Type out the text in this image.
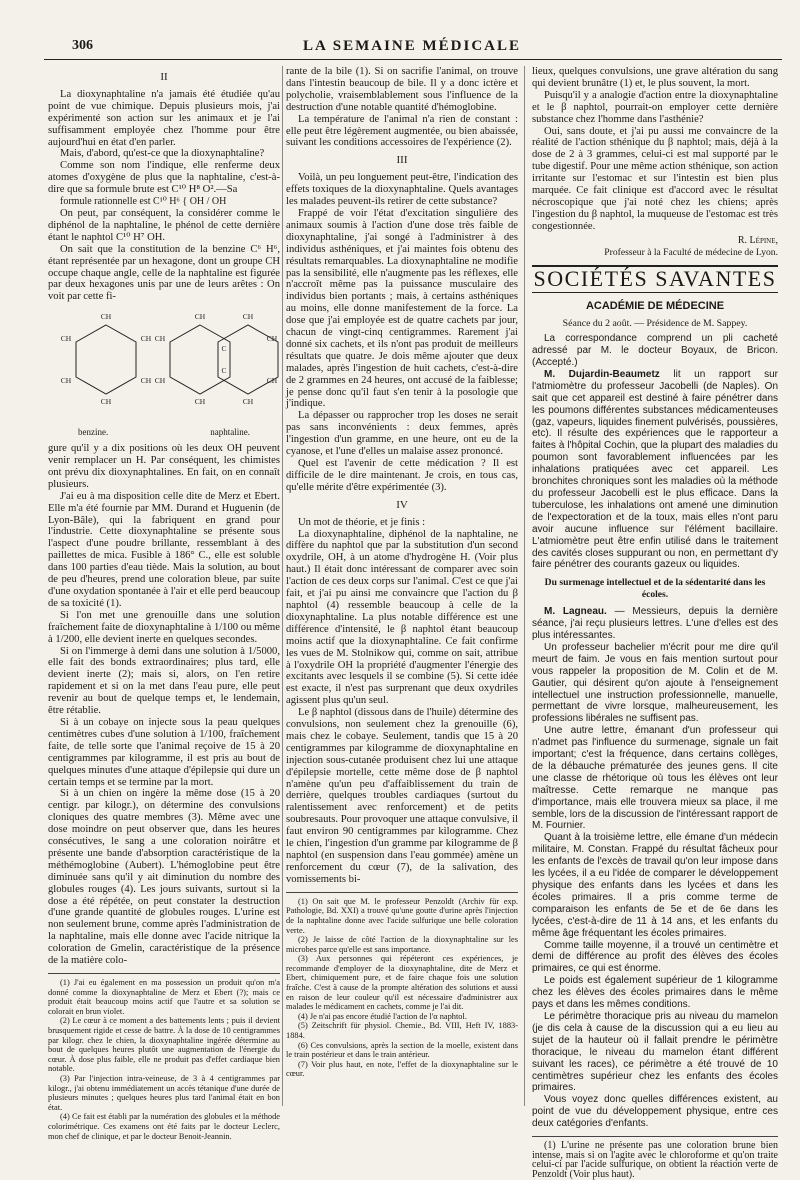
306	LA SEMAINE MÉDICALE
II

La dioxynaphtaline n'a jamais été étudiée qu'au point de vue chimique. Depuis plusieurs mois, j'ai expérimenté son action sur les animaux et je l'ai suffisamment employée chez l'homme pour être aujourd'hui en état d'en parler.

Mais, d'abord, qu'est-ce que la dioxynaphtaline?

Comme son nom l'indique, elle renferme deux atomes d'oxygène de plus que la naphtaline, c'est-à-dire que sa formule brute est C¹⁰ H⁸ O².—Sa

formule rationnelle est C¹⁰ H⁶ { OH / OH

On peut, par conséquent, la considérer comme le diphénol de la naphtaline, le phénol de cette dernière étant le naphtol C¹⁰ H⁷ OH.

On sait que la constitution de la benzine C⁶ H⁶, étant représentée par un hexagone, dont un groupe CH occupe chaque angle, celle de la naphtaline est figurée par deux hexagones unis par une de leurs arêtes : On voit par cette fi-

CH
CH
CH
CH
CH
CH
CH
CH
CH
CH
C
C
CH
CH
CH
CH
benzine.	naphtaline.

gure qu'il y a dix positions où les deux OH peuvent venir remplacer un H. Par conséquent, les chimistes ont prévu dix dioxynaphtalines. En fait, on en connaît plusieurs.

J'ai eu à ma disposition celle dite de Merz et Ebert. Elle m'a été fournie par MM. Durand et Huguenin (de Lyon-Bâle), qui la fabriquent en grand pour l'industrie. Cette dioxynaphtaline se présente sous l'aspect d'une poudre brillante, ressemblant à des paillettes de mica. Fusible à 186° C., elle est soluble dans 100 parties d'eau tiède. Mais la solution, au bout de peu d'heures, prend une coloration bleue, par suite d'une oxydation spontanée à l'air et elle perd beaucoup de sa toxicité (1).

Si l'on met une grenouille dans une solution fraîchement faite de dioxynaphtaline à 1/100 ou même à 1/200, elle devient inerte en quelques secondes.

Si on l'immerge à demi dans une solution à 1/5000, elle fait des bonds extraordinaires; plus tard, elle devient inerte (2); mais si, alors, on l'en retire rapidement et si on la met dans l'eau pure, elle peut revenir au bout de quelque temps et, le lendemain, être rétablie.

Si à un cobaye on injecte sous la peau quelques centimètres cubes d'une solution à 1/100, fraîchement faite, de telle sorte que l'animal reçoive de 15 à 20 centigrammes par kilogramme, il est pris au bout de quelques minutes d'une attaque d'épilepsie qui dure un certain temps et se termine par la mort.

Si à un chien on ingère la même dose (15 à 20 centigr. par kilogr.), on détermine des convulsions cloniques des quatre membres (3). Même avec une dose moindre on peut observer que, dans les heures consécutives, le sang a une coloration noirâtre et présente une bande d'absorption caractéristique de la méthémoglobine (Aubert). L'hémoglobine peut être diminuée sans qu'il y ait diminution du nombre des globules rouges (4). Les jours suivants, surtout si la dose a été répétée, on peut constater la destruction d'une grande quantité de globules rouges. L'urine est non seulement brune, comme après l'administration de la naphtaline, mais elle donne avec l'acide nitrique la coloration de Gmelin, caractéristique de la présence de la matière colo-

(1) J'ai eu également en ma possession un produit qu'on m'a donné comme la dioxynaphtaline de Merz et Ebert (?); mais ce produit était beaucoup moins actif que l'autre et sa solution se colorait en brun violet.

(2) Le cœur à ce moment a des battements lents ; puis il devient brusquement rigide et cesse de battre. À la dose de 10 centigrammes par kilogr. chez le chien, la dioxynaphtaline ingérée détermine au bout de quelques heures plutôt une augmentation de l'énergie du cœur. À dose plus faible, elle ne produit pas d'effet cardiaque bien notable.

(3) Par l'injection intra-veineuse, de 3 à 4 centigrammes par kilogr., j'ai obtenu immédiatement un accès tétanique d'une durée de plusieurs minutes ; quelques heures plus tard l'animal était en bon état.

(4) Ce fait est établi par la numération des globules et la méthode colorimétrique. Ces examens ont été faits par le docteur Leclerc, mon chef de clinique, et par le docteur Benoit-Jeannin.

rante de la bile (1). Si on sacrifie l'animal, on trouve dans l'intestin beaucoup de bile. Il y a donc ictère et polycholie, vraisemblablement sous l'influence de la destruction d'une notable quantité d'hémoglobine.

La température de l'animal n'a rien de constant : elle peut être légèrement augmentée, ou bien abaissée, suivant les conditions accessoires de l'expérience (2).

III

Voilà, un peu longuement peut-être, l'indication des effets toxiques de la dioxynaphtaline. Quels avantages les malades peuvent-ils retirer de cette substance?

Frappé de voir l'état d'excitation singulière des animaux soumis à l'action d'une dose très faible de dioxynaphtaline, j'ai songé à l'administrer à des individus asthéniques, et j'ai maintes fois obtenu des résultats remarquables. La dioxynaphtaline ne modifie pas la sensibilité, elle n'augmente pas les réflexes, elle n'accroît même pas la puissance musculaire des individus bien portants ; mais, à certains asthéniques au moins, elle donne manifestement de la force. La dose que j'ai employée est de quatre cachets par jour, chacun de vingt-cinq centigrammes. Rarement j'ai donné six cachets, et ils n'ont pas produit de meilleurs résultats que quatre. Je dois même ajouter que deux malades, après l'ingestion de huit cachets, c'est-à-dire de 2 grammes en 24 heures, ont accusé de la faiblesse; je pense donc qu'il faut s'en tenir à la posologie que j'indique.

La dépasser ou rapprocher trop les doses ne serait pas sans inconvénients : deux femmes, après l'ingestion d'un gramme, en une heure, ont eu de la cyanose, et l'une d'elles un malaise assez prononcé.

Quel est l'avenir de cette médication ? Il est difficile de le dire maintenant. Je crois, en tous cas, qu'elle mérite d'être expérimentée (3).

IV

Un mot de théorie, et je finis :

La dioxynaphtaline, diphénol de la naphtaline, ne diffère du naphtol que par la substitution d'un second oxydrile, OH, à un atome d'hydrogène H. (Voir plus haut.) Il était donc intéressant de comparer avec soin l'action de ces deux corps sur l'animal. C'est ce que j'ai fait, et j'ai pu ainsi me convaincre que l'action du β naphtol (4) ressemble beaucoup à celle de la dioxynaphtaline. La plus notable différence est une différence d'intensité, le β naphtol étant beaucoup moins actif que la dioxynaphtaline. Ce fait confirme les vues de M. Stolnikow qui, comme on sait, attribue à l'oxydrile OH la propriété d'augmenter l'énergie des excitants avec lesquels il se combine (5). Si cette idée est exacte, il n'est pas surprenant que deux oxydriles agissent plus qu'un seul.

Le β naphtol (dissous dans de l'huile) détermine des convulsions, non seulement chez la grenouille (6), mais chez le cobaye. Seulement, tandis que 15 à 20 centigrammes par kilogramme de dioxynaphtaline en injection sous-cutanée produisent chez lui une attaque d'épilepsie mortelle, cette même dose de β naphtol n'amène qu'un peu d'affaiblissement du train de derrière, quelques troubles cardiaques (surtout du ralentissement avec renforcement) et de petits soubresauts. Pour provoquer une attaque convulsive, il faut environ 90 centigrammes par kilogramme. Chez le chien, l'ingestion d'un gramme par kilogramme de β naphtol (en suspension dans l'eau gommée) amène un renforcement du cœur (7), de la salivation, des vomissements bi-

(1) On sait que M. le professeur Penzoldt (Archiv für exp. Pathologie, Bd. XXI) a trouvé qu'une goutte d'urine après l'injection de la naphtaline donne avec l'acide sulfurique une belle coloration verte.

(2) Je laisse de côté l'action de la dioxynaphtaline sur les microbes parce qu'elle est sans importance.

(3) Aux personnes qui répéteront ces expériences, je recommande d'employer de la dioxynaphtaline, dite de Merz et Ebert, chimiquement pure, et de faire chaque fois une solution fraîche. C'est à cause de la prompte altération des solutions et aussi en raison de leur couleur qu'il est nécessaire d'administrer aux malades le médicament en cachets, comme je l'ai dit.

(4) Je n'ai pas encore étudié l'action de l'α naphtol.

(5) Zeitschrift für physiol. Chemie., Bd. VIII, Heft IV, 1883-1884.

(6) Ces convulsions, après la section de la moelle, existent dans le train postérieur et dans le train antérieur.

(7) Voir plus haut, en note, l'effet de la dioxynaphtaline sur le cœur.

lieux, quelques convulsions, une grave altération du sang qui devient brunâtre (1) et, le plus souvent, la mort.

Puisqu'il y a analogie d'action entre la dioxynaphtaline et le β naphtol, pourrait-on employer cette dernière substance chez l'homme dans l'asthénie?

Oui, sans doute, et j'ai pu aussi me convaincre de la réalité de l'action sthénique du β naphtol; mais, déjà à la dose de 2 à 3 grammes, celui-ci est mal supporté par le tube digestif. Pour une même action sthénique, son action irritante sur l'estomac et sur l'intestin est bien plus marquée. Ce fait clinique est d'accord avec le résultat nécroscopique que j'ai noté chez les chiens; après l'ingestion du β naphtol, la muqueuse de l'estomac est très congestionnée.

R. Lépine,
Professeur à la Faculté de médecine de Lyon.
SOCIÉTÉS SAVANTES
ACADÉMIE DE MÉDECINE
Séance du 2 août. — Présidence de M. Sappey.

La correspondance comprend un pli cacheté adressé par M. le docteur Boyaux, de Bricon. (Accepté.)

M. Dujardin-Beaumetz lit un rapport sur l'atmiomètre du professeur Jacobelli (de Naples). On sait que cet appareil est destiné à faire pénétrer dans les poumons différentes substances médicamenteuses (gaz, vapeurs, liquides finement pulvérisés, poussières, etc). Il résulte des expériences que le rapporteur a faites à l'hôpital Cochin, que la plupart des maladies du poumon sont favorablement influencées par les inhalations pratiquées avec cet appareil. Les bronchites chroniques sont les maladies où la méthode du professeur Jacobelli est le plus efficace. Dans la tuberculose, les inhalations ont amené une diminution de l'expectoration et de la toux, mais elles n'ont paru avoir aucune influence sur l'élément bacillaire. L'atmiomètre peut être enfin utilisé dans le traitement des cavités closes suppurant ou non, en permettant d'y faire pénétrer des courants gazeux ou liquides.

Du surmenage intellectuel et de la sédentarité dans les écoles.

M. Lagneau. — Messieurs, depuis la dernière séance, j'ai reçu plusieurs lettres. L'une d'elles est des plus intéressantes.

Un professeur bachelier m'écrit pour me dire qu'il meurt de faim. Je vous en fais mention surtout pour vous rappeler la proposition de M. Colin et de M. Gautier, qui désirent qu'on ajoute à l'enseignement intellectuel une instruction professionnelle, manuelle, permettant de vivre lorsque, malheureusement, les professions libérales ne suffisent pas.

Une autre lettre, émanant d'un professeur qui n'admet pas l'influence du surmenage, signale un fait important; c'est la fréquence, dans certains collèges, de la débauche prématurée des jeunes gens. Il cite une classe de rhétorique où tous les élèves ont leur maîtresse. Cette remarque ne manque pas d'importance, mais elle trouvera mieux sa place, il me semble, lors de la discussion de l'intéressant rapport de M. Fournier.

Quant à la troisième lettre, elle émane d'un médecin militaire, M. Constan. Frappé du résultat fâcheux pour les enfants de l'excès de travail qu'on leur impose dans les lycées, il a eu l'idée de comparer le développement physique des enfants dans les lycées et dans les écoles primaires. Il a pris comme terme de comparaison les enfants de 5e et de 6e dans les lycées, c'est-à-dire de 11 à 14 ans, et les enfants du même âge fréquentant les écoles primaires.

Comme taille moyenne, il a trouvé un centimètre et demi de différence au profit des élèves des écoles primaires, ce qui est énorme.

Le poids est également supérieur de 1 kilogramme chez les élèves des écoles primaires dans le même pays et dans les mêmes conditions.

Le périmètre thoracique pris au niveau du mamelon (je dis cela à cause de la discussion qui a eu lieu au sujet de la hauteur où il fallait prendre le périmètre thoracique, le niveau du mamelon étant différent suivant les races), ce périmètre a été trouvé de 10 centimètres supérieur chez les enfants des écoles primaires.

Vous voyez donc quelles différences existent, au point de vue du développement physique, entre ces deux catégories d'enfants.

(1) L'urine ne présente pas une coloration brune bien intense, mais si on l'agite avec le chloroforme et qu'on traite celui-ci par l'acide sulfurique, on obtient la réaction verte de Penzoldt (Voir plus haut).
